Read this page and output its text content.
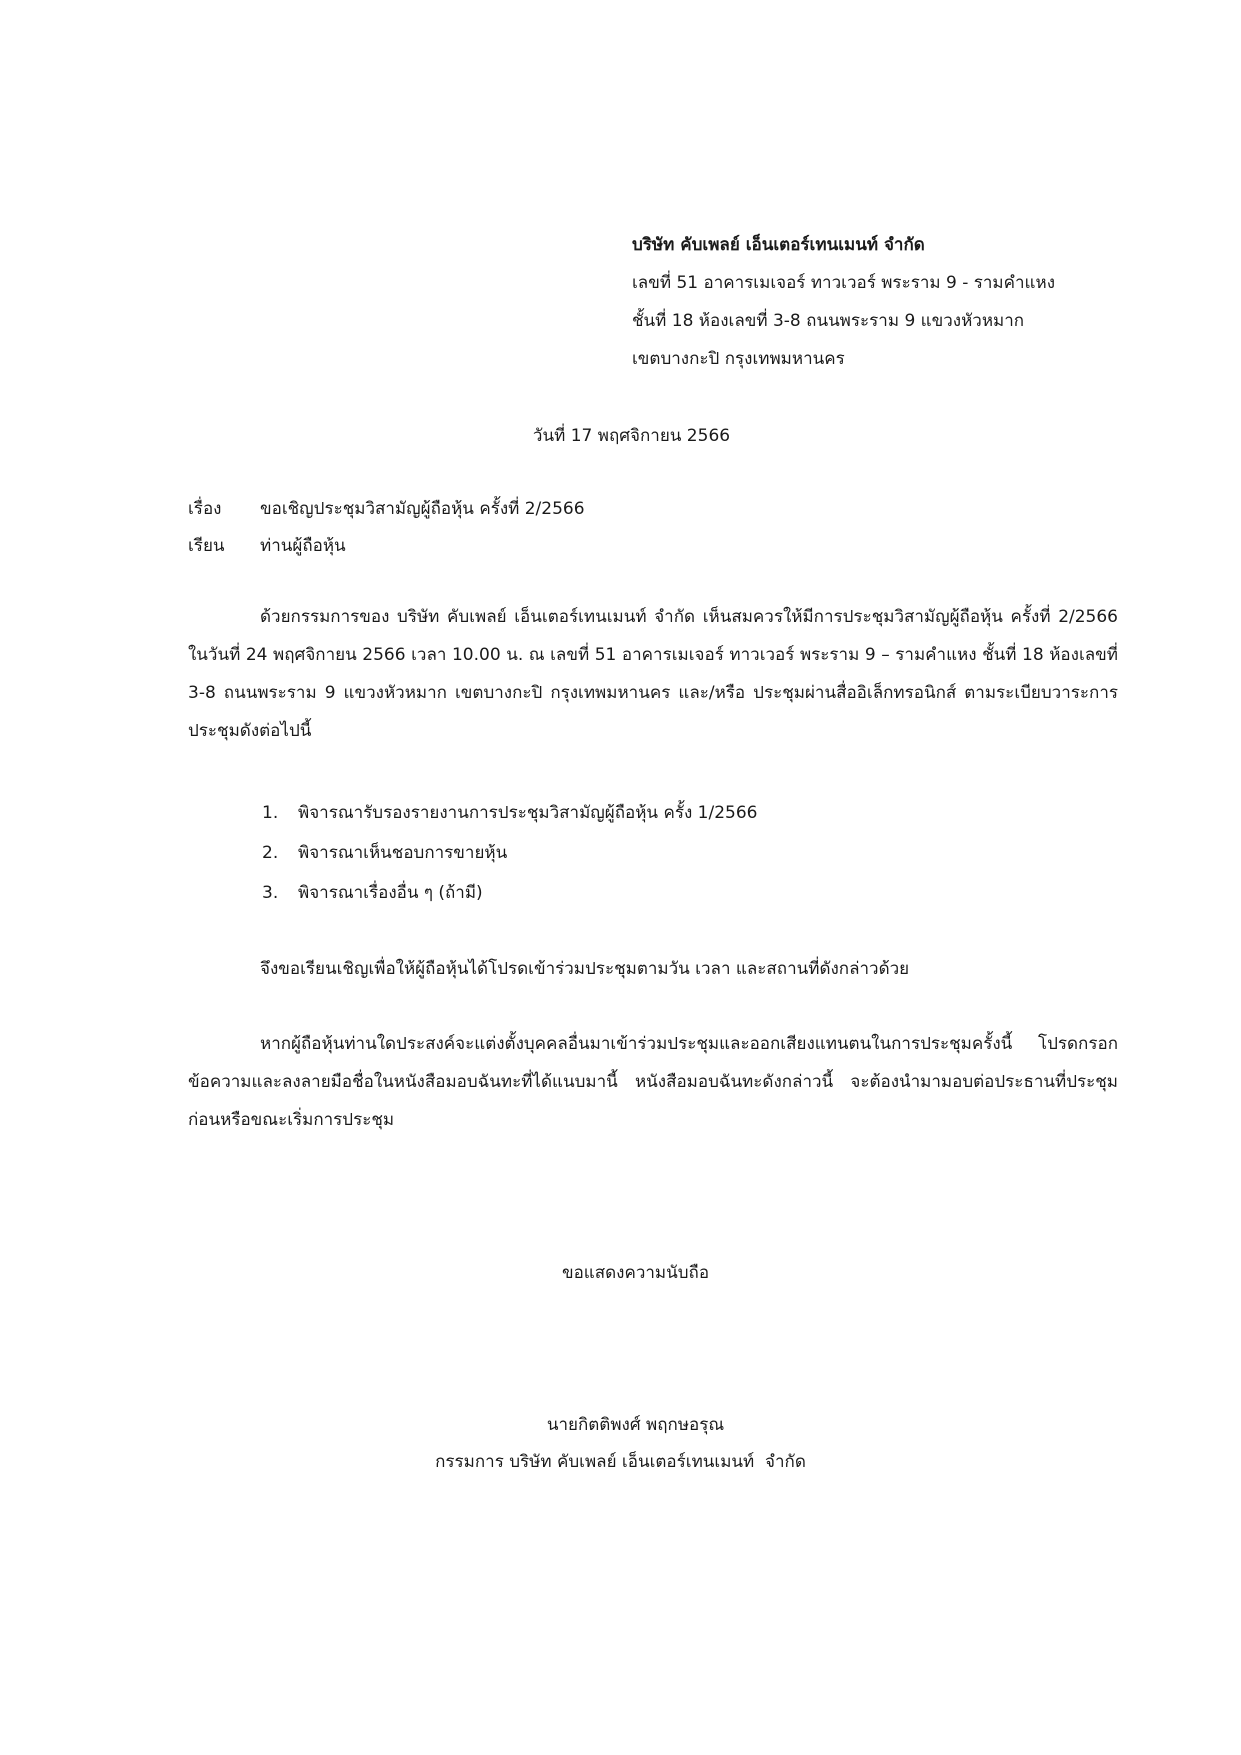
บริษัท คับเพลย์ เอ็นเตอร์เทนเมนท์ จำกัด
เลขที่ 51 อาคารเมเจอร์ ทาวเวอร์ พระราม 9 - รามคำแหง
ชั้นที่ 18 ห้องเลขที่ 3-8 ถนนพระราม 9 แขวงหัวหมาก
เขตบางกะปิ กรุงเทพมหานคร
วันที่ 17 พฤศจิกายน 2566
เรื่อง ขอเชิญประชุมวิสามัญผู้ถือหุ้น ครั้งที่ 2/2566
เรียน ท่านผู้ถือหุ้น
ด้วยกรรมการของ บริษัท คับเพลย์ เอ็นเตอร์เทนเมนท์ จำกัด เห็นสมควรให้มีการประชุมวิสามัญผู้ถือหุ้น ครั้งที่ 2/2566 ในวันที่ 24 พฤศจิกายน 2566 เวลา 10.00 น. ณ เลขที่ 51 อาคารเมเจอร์ ทาวเวอร์ พระราม 9 – รามคำแหง ชั้นที่ 18 ห้องเลขที่ 3-8 ถนนพระราม 9 แขวงหัวหมาก เขตบางกะปิ กรุงเทพมหานคร และ/หรือ ประชุมผ่านสื่ออิเล็กทรอนิกส์ ตามระเบียบวาระการประชุมดังต่อไปนี้
1. พิจารณารับรองรายงานการประชุมวิสามัญผู้ถือหุ้น ครั้ง 1/2566
2. พิจารณาเห็นชอบการขายหุ้น
3. พิจารณาเรื่องอื่น ๆ (ถ้ามี)
จึงขอเรียนเชิญเพื่อให้ผู้ถือหุ้นได้โปรดเข้าร่วมประชุมตามวัน เวลา และสถานที่ดังกล่าวด้วย
หากผู้ถือหุ้นท่านใดประสงค์จะแต่งตั้งบุคคลอื่นมาเข้าร่วมประชุมและออกเสียงแทนตนในการประชุมครั้งนี้ โปรดกรอกข้อความและลงลายมือชื่อในหนังสือมอบฉันทะที่ได้แนบมานี้ หนังสือมอบฉันทะดังกล่าวนี้ จะต้องนำมามอบต่อประธานที่ประชุมก่อนหรือขณะเริ่มการประชุม
ขอแสดงความนับถือ
นายกิตติพงศ์ พฤกษอรุณ
กรรมการ บริษัท คับเพลย์ เอ็นเตอร์เทนเมนท์  จำกัด
